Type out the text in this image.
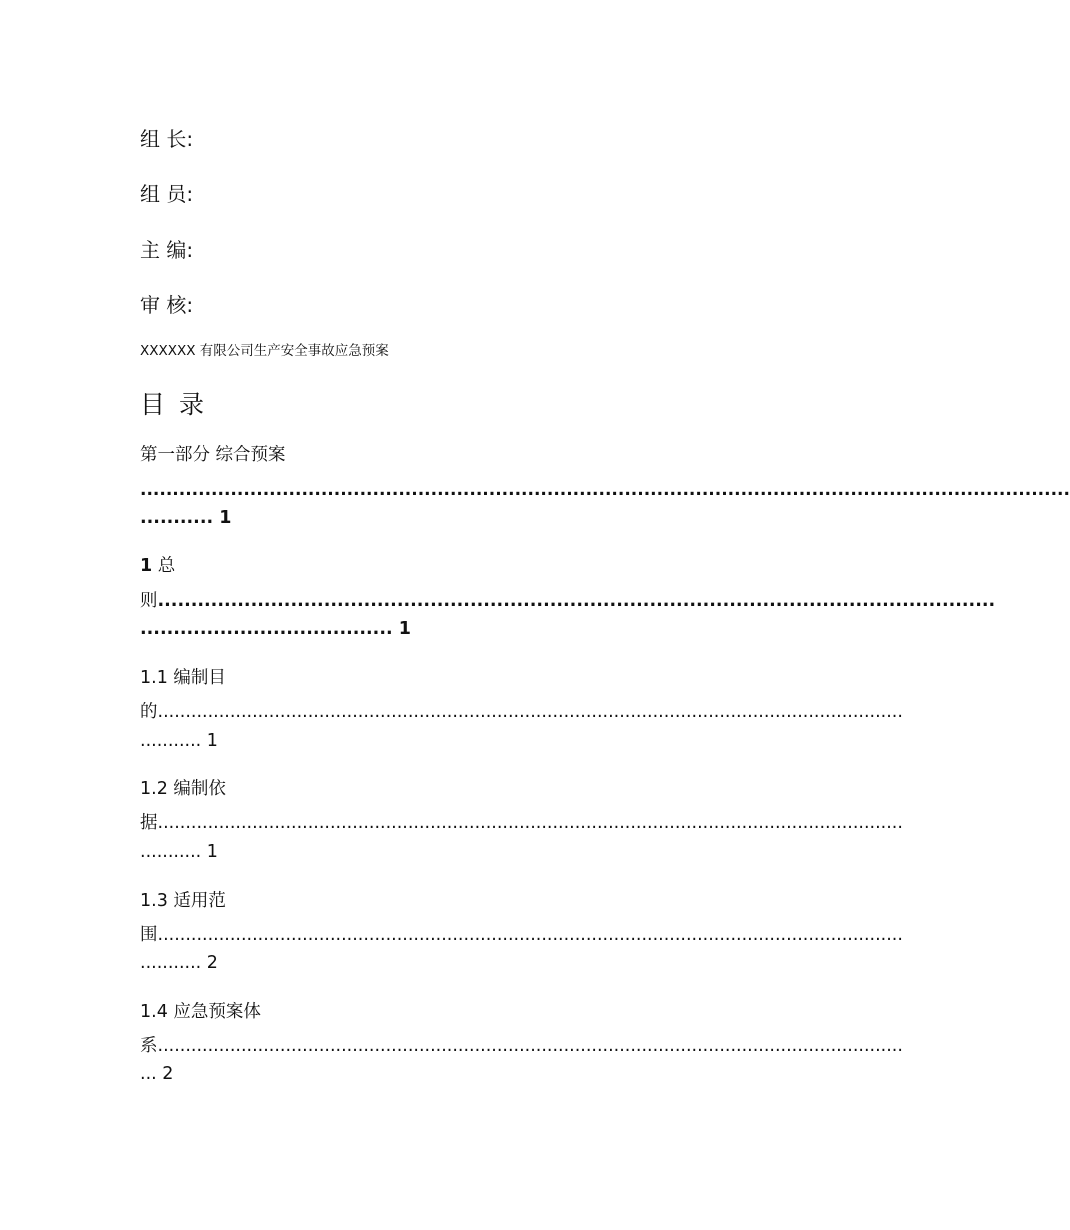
组 长:
组 员:
主 编:
审 核:
XXXXXX 有限公司生产安全事故应急预案
目 录
第一部分 综合预案
................................................................................................................................................
........... 1
1 总
则..............................................................................................................................
...................................... 1
1.1 编制目
的......................................................................................................................................
........... 1
1.2 编制依
据......................................................................................................................................
........... 1
1.3 适用范
围......................................................................................................................................
........... 2
1.4 应急预案体
系......................................................................................................................................
... 2
